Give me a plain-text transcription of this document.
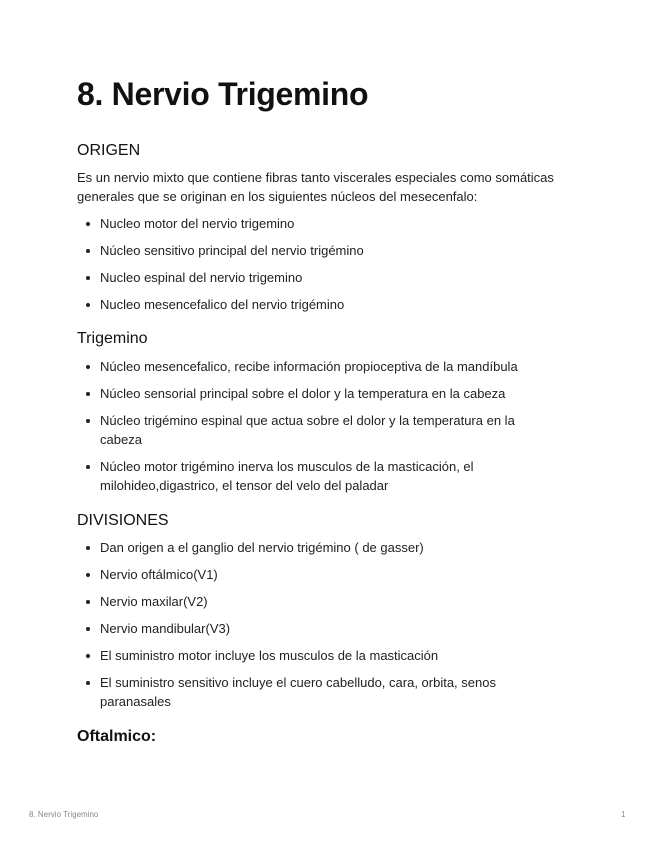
8. Nervio Trigemino
ORIGEN

Es un nervio mixto que contiene fibras tanto viscerales especiales como somáticas generales que se originan en los siguientes núcleos del mesecenfalo:

Nucleo motor del nervio trigemino
Núcleo sensitivo principal del nervio trigémino
Nucleo espinal del nervio trigemino
Nucleo mesencefalico del nervio trigémino
Trigemino
Núcleo mesencefalico, recibe información propioceptiva de la mandíbula
Núcleo sensorial principal sobre el dolor y la temperatura en la cabeza
Núcleo trigémino espinal que actua sobre el dolor y la temperatura en la cabeza
Núcleo motor trigémino inerva los musculos de la masticación, el milohideo,digastrico, el tensor del velo del paladar
DIVISIONES
Dan origen a el ganglio del nervio trigémino ( de gasser)
Nervio oftálmico(V1)
Nervio maxilar(V2)
Nervio mandibular(V3)
El suministro motor incluye los musculos de la masticación
El suministro sensitivo incluye el cuero cabelludo, cara, orbita, senos paranasales
Oftalmico:
8. Nervio Trigemino	1
